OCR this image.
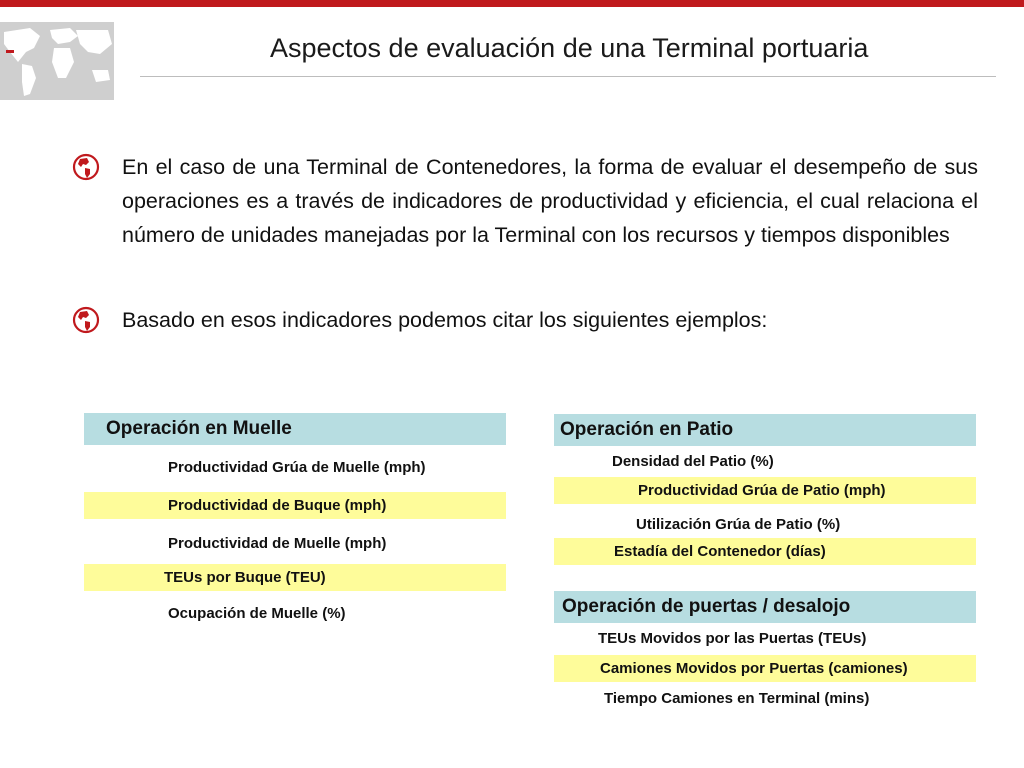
Aspectos de evaluación de una Terminal portuaria
En el caso de una Terminal de Contenedores, la forma de evaluar el desempeño de sus operaciones es a través de indicadores de productividad y eficiencia, el cual relaciona el número de unidades manejadas por la Terminal con los recursos y tiempos disponibles
Basado en esos indicadores podemos citar los siguientes ejemplos:
Operación en Muelle
Productividad Grúa de Muelle (mph)
Productividad de Buque (mph)
Productividad de Muelle (mph)
TEUs por Buque (TEU)
Ocupación de Muelle (%)
Operación en Patio
Densidad del Patio (%)
Productividad Grúa de Patio (mph)
Utilización Grúa de Patio (%)
Estadía del Contenedor (días)
Operación de puertas / desalojo
TEUs Movidos por las Puertas (TEUs)
Camiones Movidos por Puertas (camiones)
Tiempo Camiones en Terminal (mins)
